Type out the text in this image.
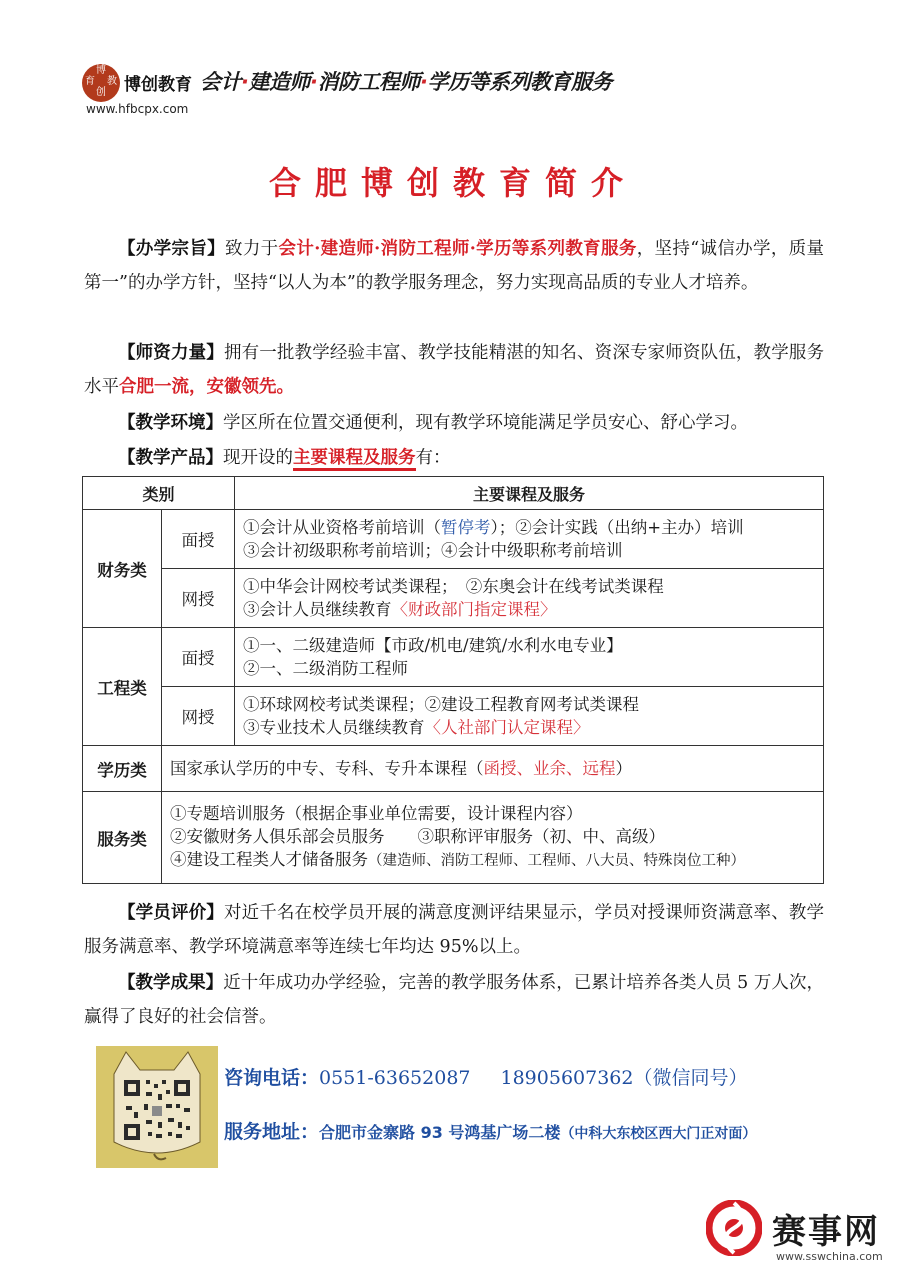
博
育 教
创 博创教育
www.hfbcpx.com
会计·建造师·消防工程师·学历等系列教育服务
合肥博创教育简介
【办学宗旨】致力于会计·建造师·消防工程师·学历等系列教育服务，坚持“诚信办学，质量第一”的办学方针，坚持“以人为本”的教学服务理念，努力实现高品质的专业人才培养。
【师资力量】拥有一批教学经验丰富、教学技能精湛的知名、资深专家师资队伍，教学服务水平合肥一流，安徽领先。
【教学环境】学区所在位置交通便利，现有教学环境能满足学员安心、舒心学习。
【教学产品】现开设的主要课程及服务有：
类别		主要课程及服务
财务类	面授	①会计从业资格考前培训（暂停考）；②会计实践（出纳+主办）培训
③会计初级职称考前培训；④会计中级职称考前培训

	网授	①中华会计网校考试类课程；　②东奥会计在线考试类课程
③会计人员继续教育〈财政部门指定课程〉

工程类	面授	①一、二级建造师【市政/机电/建筑/水利水电专业】
②一、二级消防工程师

	网授	①环球网校考试类课程；②建设工程教育网考试类课程
③专业技术人员继续教育〈人社部门认定课程〉

学历类	国家承认学历的中专、专科、专升本课程（函授、业余、远程）	
服务类	①专题培训服务（根据企事业单位需要，设计课程内容）
②安徽财务人俱乐部会员服务　　③职称评审服务（初、中、高级）
④建设工程类人才储备服务（建造师、消防工程师、工程师、八大员、特殊岗位工种）	
【学员评价】对近千名在校学员开展的满意度测评结果显示，学员对授课师资满意率、教学服务满意率、教学环境满意率等连续七年均达 95%以上。
【教学成果】近十年成功办学经验，完善的教学服务体系，已累计培养各类人员 5 万人次，赢得了良好的社会信誉。
咨询电话：0551-63652087 18905607362（微信同号）
服务地址：合肥市金寨路 93 号鸿基广场二楼（中科大东校区西大门正对面）
赛事网
www.sswchina.com
